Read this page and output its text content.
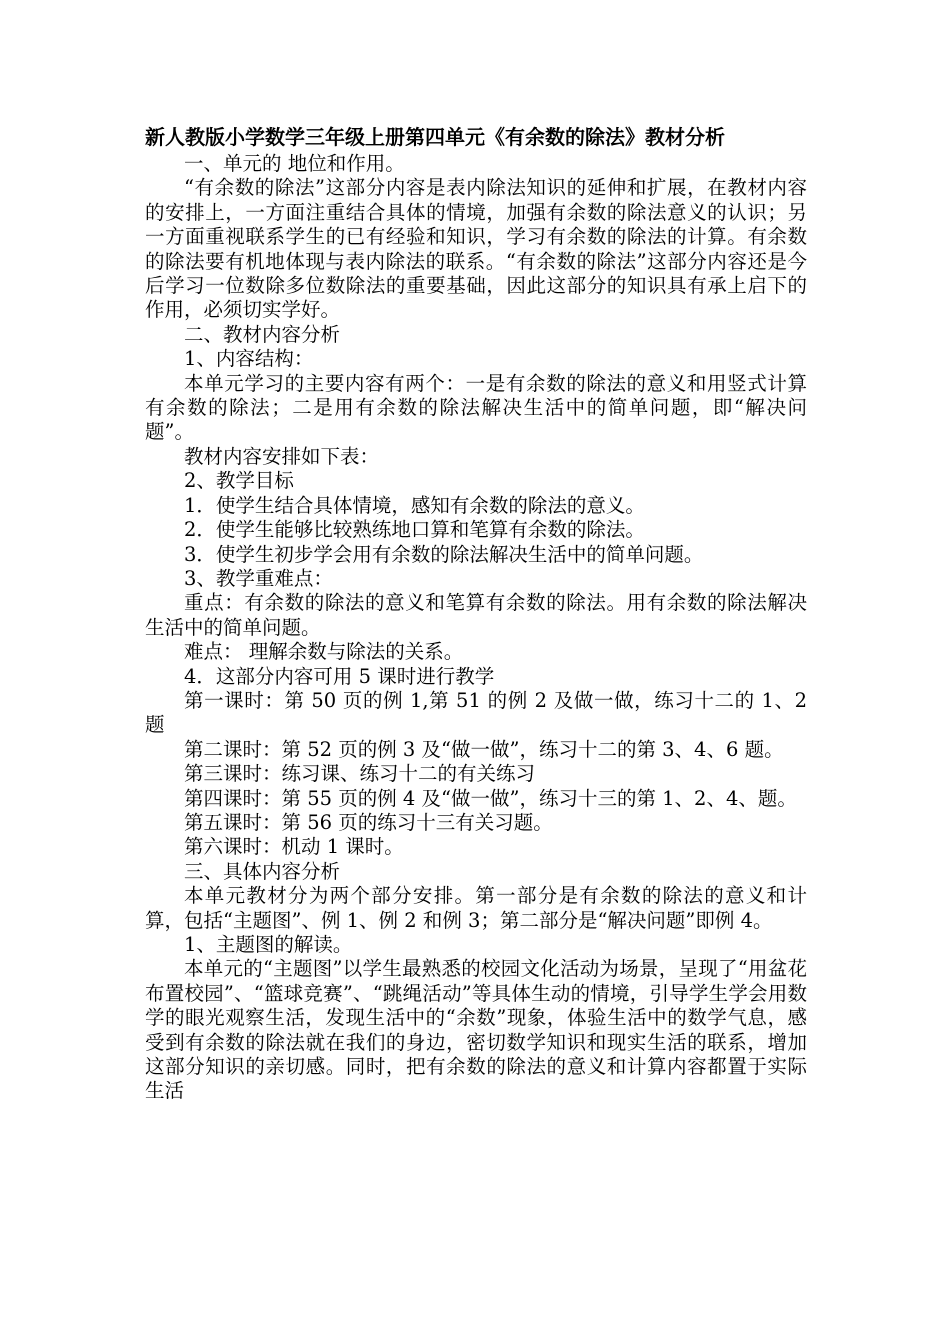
新人教版小学数学三年级上册第四单元《有余数的除法》教材分析

一、单元的 地位和作用。

“有余数的除法”这部分内容是表内除法知识的延伸和扩展，在教材内容的安排上，一方面注重结合具体的情境，加强有余数的除法意义的认识；另一方面重视联系学生的已有经验和知识，学习有余数的除法的计算。有余数的除法要有机地体现与表内除法的联系。“有余数的除法”这部分内容还是今后学习一位数除多位数除法的重要基础，因此这部分的知识具有承上启下的作用，必须切实学好。

二、教材内容分析

1、内容结构：

本单元学习的主要内容有两个：一是有余数的除法的意义和用竖式计算有余数的除法；二是用有余数的除法解决生活中的简单问题，即“解决问题”。

教材内容安排如下表：

2、教学目标

1．使学生结合具体情境，感知有余数的除法的意义。

2．使学生能够比较熟练地口算和笔算有余数的除法。

3．使学生初步学会用有余数的除法解决生活中的简单问题。

3、教学重难点：

重点：有余数的除法的意义和笔算有余数的除法。用有余数的除法解决生活中的简单问题。

难点： 理解余数与除法的关系。

4．这部分内容可用 5 课时进行教学

第一课时：第 50 页的例 1,第 51 的例 2 及做一做，练习十二的 1、2 题

第二课时：第 52 页的例 3 及“做一做”，练习十二的第 3、4、6 题。

第三课时：练习课、练习十二的有关练习

第四课时：第 55 页的例 4 及“做一做”，练习十三的第 1、2、4、题。

第五课时：第 56 页的练习十三有关习题。

第六课时：机动 1 课时。

三、具体内容分析

本单元教材分为两个部分安排。第一部分是有余数的除法的意义和计算，包括“主题图”、例 1、例 2 和例 3；第二部分是“解决问题”即例 4。

1、主题图的解读。

本单元的“主题图”以学生最熟悉的校园文化活动为场景，呈现了“用盆花布置校园”、“篮球竞赛”、“跳绳活动”等具体生动的情境，引导学生学会用数学的眼光观察生活，发现生活中的“余数”现象，体验生活中的数学气息，感受到有余数的除法就在我们的身边，密切数学知识和现实生活的联系，增加这部分知识的亲切感。同时，把有余数的除法的意义和计算内容都置于实际生活
